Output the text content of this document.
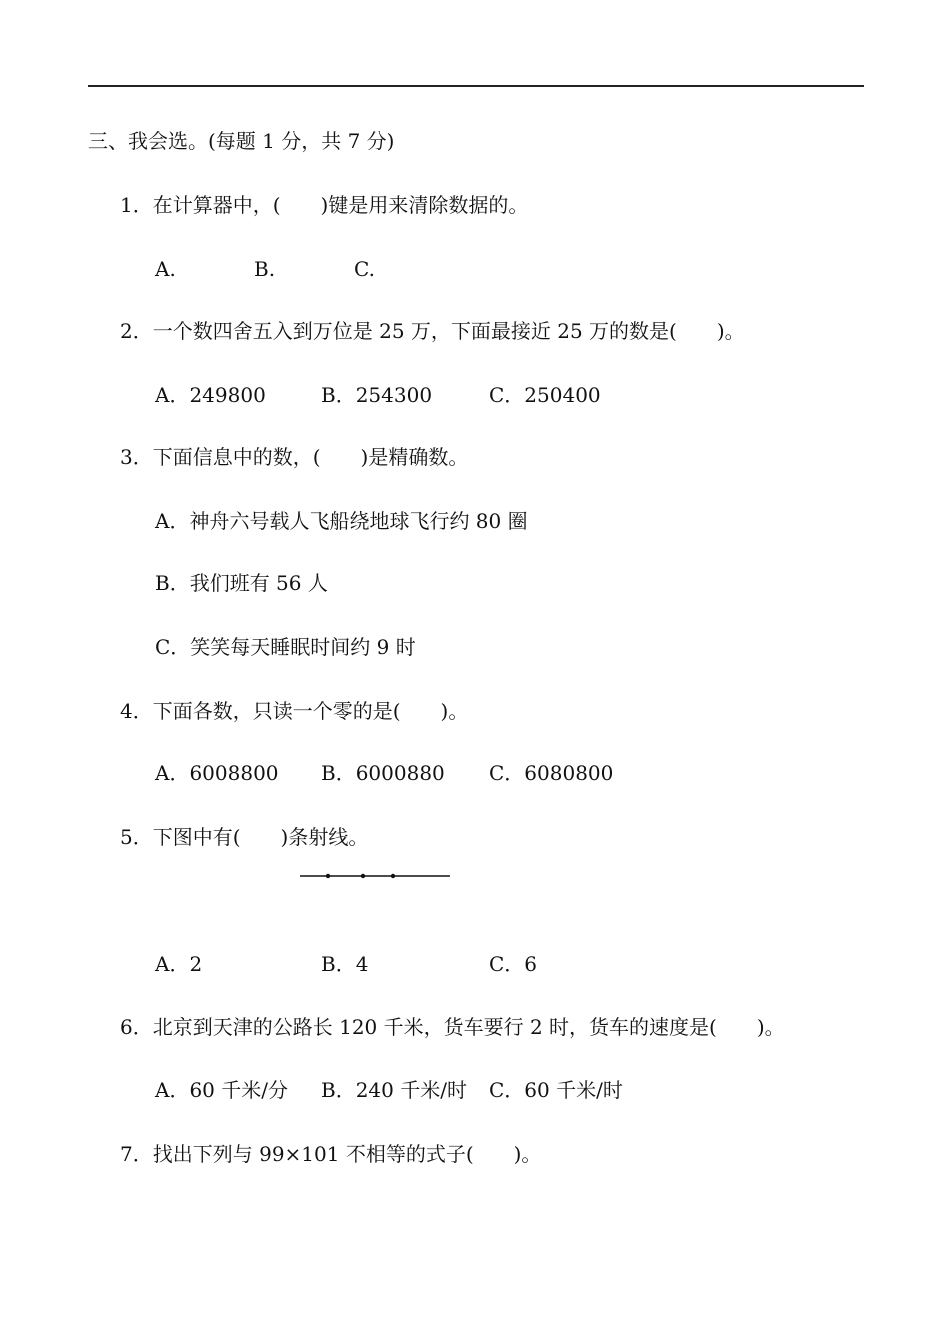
三、我会选。(每题 1 分，共 7 分)
1．在计算器中，(　　)键是用来清除数据的。
A.	B.	C.
2．一个数四舍五入到万位是 25 万，下面最接近 25 万的数是(　　)。
A．249800	B．254300	C．250400
3．下面信息中的数，(　　)是精确数。
A．神舟六号载人飞船绕地球飞行约 80 圈
B．我们班有 56 人
C．笑笑每天睡眠时间约 9 时
4．下面各数，只读一个零的是(　　)。
A．6008800 B．6000880 C．6080800
5．下图中有(　　)条射线。
A．2	B．4	C．6
6．北京到天津的公路长 120 千米，货车要行 2 时，货车的速度是(　　)。
A．60 千米/分 B．240 千米/时 C．60 千米/时
7．找出下列与 99×101 不相等的式子(　　)。
